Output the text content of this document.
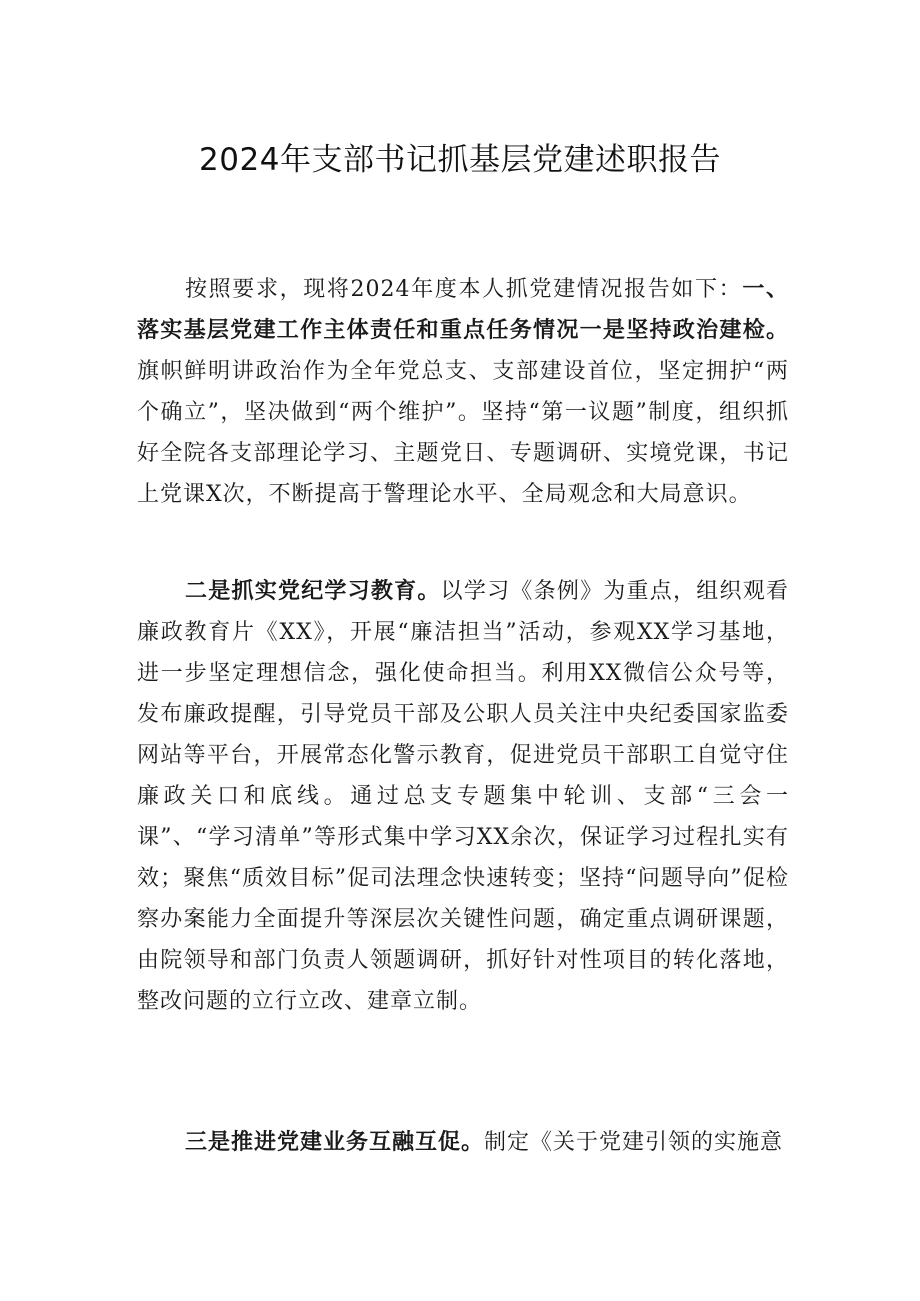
2024年支部书记抓基层党建述职报告

按照要求，现将2024年度本人抓党建情况报告如下：一、落实基层党建工作主体责任和重点任务情况一是坚持政治建检。旗帜鲜明讲政治作为全年党总支、支部建设首位，坚定拥护“两个确立”，坚决做到“两个维护”。坚持“第一议题”制度，组织抓好全院各支部理论学习、主题党日、专题调研、实境党课，书记上党课X次，不断提高于警理论水平、全局观念和大局意识。

二是抓实党纪学习教育。以学习《条例》为重点，组织观看廉政教育片《XX》，开展“廉洁担当”活动，参观XX学习基地，进一步坚定理想信念，强化使命担当。利用XX微信公众号等，发布廉政提醒，引导党员干部及公职人员关注中央纪委国家监委网站等平台，开展常态化警示教育，促进党员干部职工自觉守住廉政关口和底线。通过总支专题集中轮训、支部“三会一课”、“学习清单”等形式集中学习XX余次，保证学习过程扎实有效；聚焦“质效目标”促司法理念快速转变；坚持“问题导向”促检察办案能力全面提升等深层次关键性问题，确定重点调研课题，由院领导和部门负责人领题调研，抓好针对性项目的转化落地，整改问题的立行立改、建章立制。

三是推进党建业务互融互促。制定《关于党建引领的实施意
